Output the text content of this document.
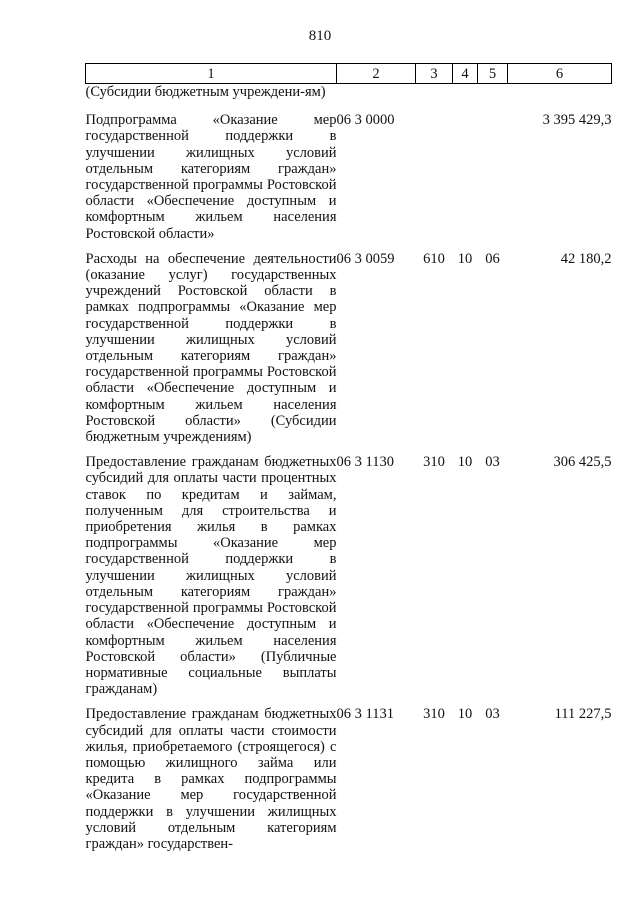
810
1	2	3	4	5	6
(Субсидии бюджетным учреждени-ям)					
Подпрограмма «Оказание мер государственной поддержки в улучшении жилищных условий отдельным категориям граждан» государственной программы Ростовской области «Обеспечение доступным и комфортным жильем населения Ростовской области»	06 3 0000				3 395 429,3
Расходы на обеспечение деятельности (оказание услуг) государственных учреждений Ростовской области в рамках подпрограммы «Оказание мер государственной поддержки в улучшении жилищных условий отдельным категориям граждан» государственной программы Ростовской области «Обеспечение доступным и комфортным жильем населения Ростовской области» (Субсидии бюджетным учреждениям)	06 3 0059	610	10	06	42 180,2
Предоставление гражданам бюджетных субсидий для оплаты части процентных ставок по кредитам и займам, полученным для строительства и приобретения жилья в рамках подпрограммы «Оказание мер государственной поддержки в улучшении жилищных условий отдельным категориям граждан» государственной программы Ростовской области «Обеспечение доступным и комфортным жильем населения Ростовской области» (Публичные нормативные социальные выплаты гражданам)	06 3 1130	310	10	03	306 425,5
Предоставление гражданам бюджетных субсидий для оплаты части стоимости жилья, приобретаемого (строящегося) с помощью жилищного займа или кредита в рамках подпрограммы «Оказание мер государственной поддержки в улучшении жилищных условий отдельным категориям граждан» государствен-	06 3 1131	310	10	03	111 227,5
